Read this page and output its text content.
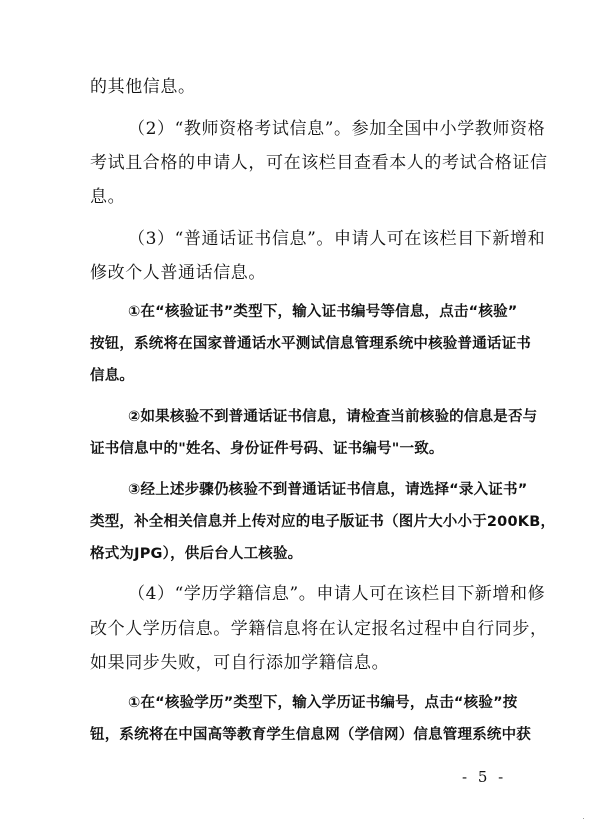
的其他信息。
（2）“教师资格考试信息”。参加全国中小学教师资格
考试且合格的申请人，可在该栏目查看本人的考试合格证信
息。
（3）“普通话证书信息”。申请人可在该栏目下新增和
修改个人普通话信息。
①在“核验证书”类型下，输入证书编号等信息，点击“核验”
按钮，系统将在国家普通话水平测试信息管理系统中核验普通话证书
信息。
②如果核验不到普通话证书信息，请检查当前核验的信息是否与
证书信息中的"姓名、身份证件号码、证书编号"一致。
③经上述步骤仍核验不到普通话证书信息，请选择“录入证书”
类型，补全相关信息并上传对应的电子版证书（图片大小小于200KB，
格式为JPG），供后台人工核验。
（4）“学历学籍信息”。申请人可在该栏目下新增和修
改个人学历信息。学籍信息将在认定报名过程中自行同步，
如果同步失败，可自行添加学籍信息。
①在“核验学历”类型下，输入学历证书编号，点击“核验”按
钮，系统将在中国高等教育学生信息网（学信网）信息管理系统中获
- 5 -
